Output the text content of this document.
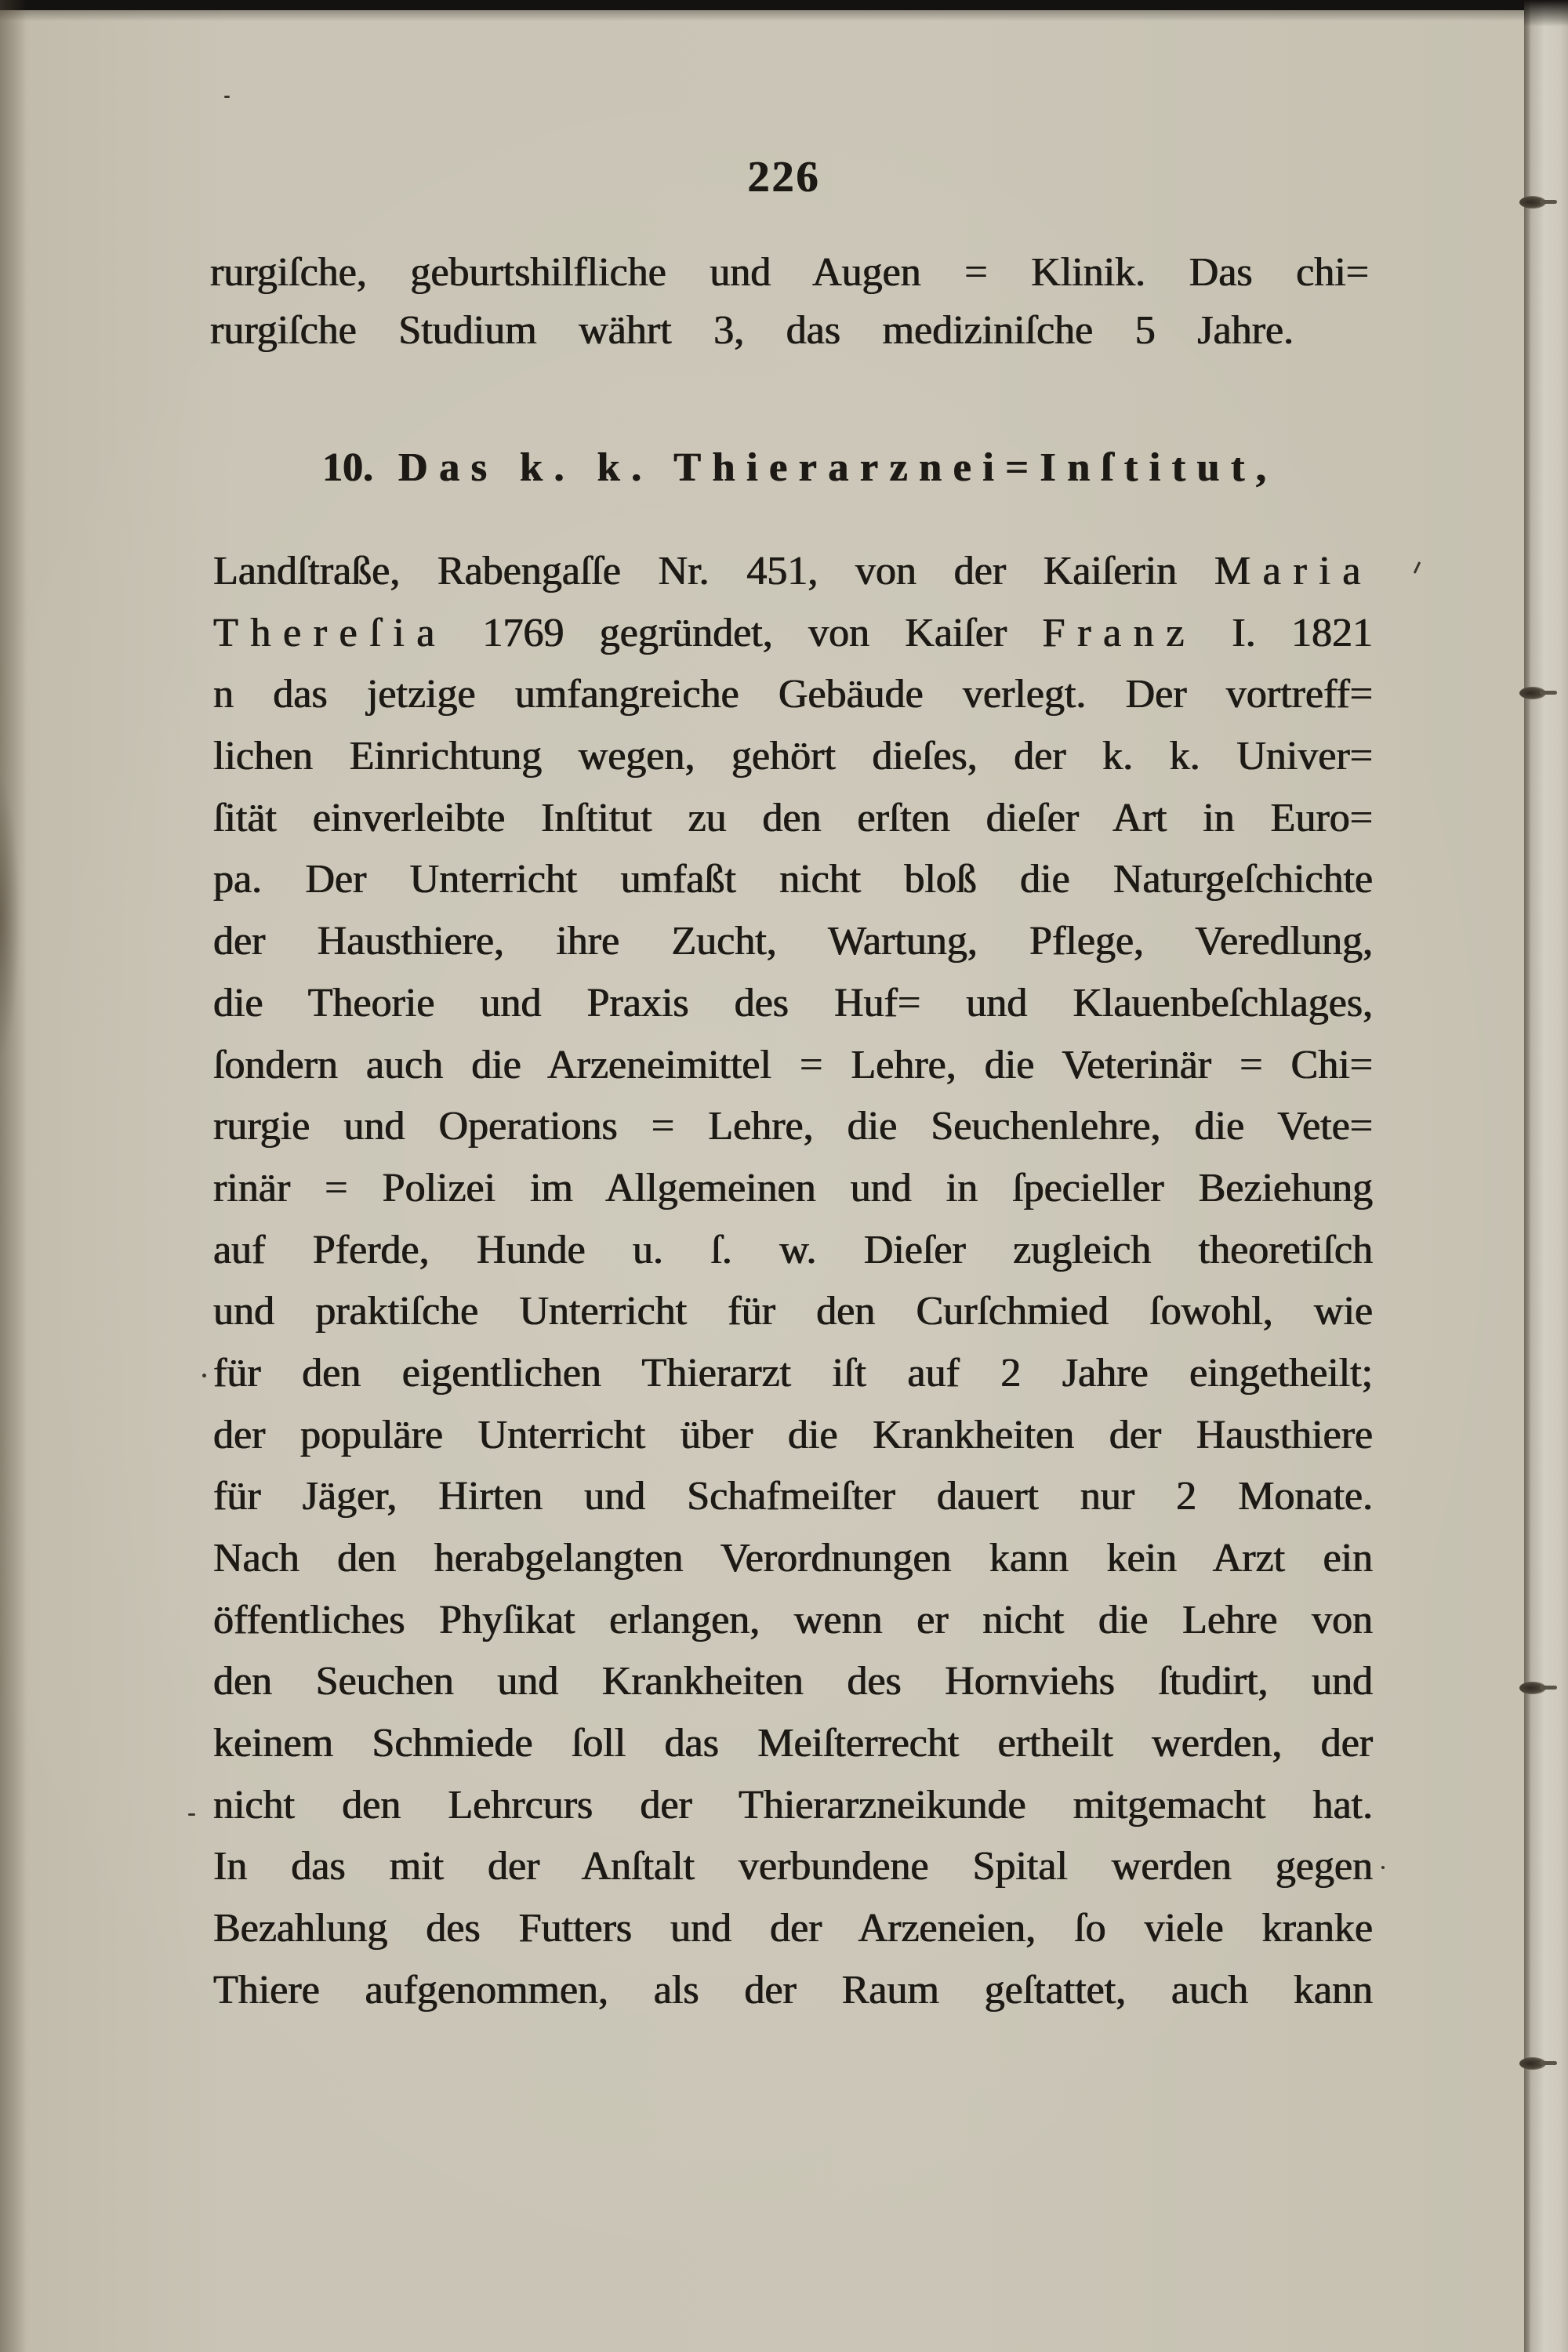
226
rurgiſche, geburtshilfliche und Augen = Klinik. Das chi=
rurgiſche Studium währt 3, das mediziniſche 5 Jahre.
10. Das k. k. Thierarznei=Inſtitut,
Landſtraße, Rabengaſſe Nr. 451, von der Kaiſerin Maria
Thereſia 1769 gegründet, von Kaiſer Franz I. 1821
n das jetzige umfangreiche Gebäude verlegt. Der vortreff=
lichen Einrichtung wegen, gehört dieſes, der k. k. Univer=
ſität einverleibte Inſtitut zu den erſten dieſer Art in Euro=
pa. Der Unterricht umfaßt nicht bloß die Naturgeſchichte
der Hausthiere, ihre Zucht, Wartung, Pflege, Veredlung,
die Theorie und Praxis des Huf= und Klauenbeſchlages,
ſondern auch die Arzeneimittel = Lehre, die Veterinär = Chi=
rurgie und Operations = Lehre, die Seuchenlehre, die Vete=
rinär = Polizei im Allgemeinen und in ſpecieller Beziehung
auf Pferde, Hunde u. ſ. w. Dieſer zugleich theoretiſch
und praktiſche Unterricht für den Curſchmied ſowohl, wie
für den eigentlichen Thierarzt iſt auf 2 Jahre eingetheilt;
der populäre Unterricht über die Krankheiten der Hausthiere
für Jäger, Hirten und Schafmeiſter dauert nur 2 Monate.
Nach den herabgelangten Verordnungen kann kein Arzt ein
öffentliches Phyſikat erlangen, wenn er nicht die Lehre von
den Seuchen und Krankheiten des Hornviehs ſtudirt, und
keinem Schmiede ſoll das Meiſterrecht ertheilt werden, der
nicht den Lehrcurs der Thierarzneikunde mitgemacht hat.
In das mit der Anſtalt verbundene Spital werden gegen
Bezahlung des Futters und der Arzeneien, ſo viele kranke
Thiere aufgenommen, als der Raum geſtattet, auch kann
